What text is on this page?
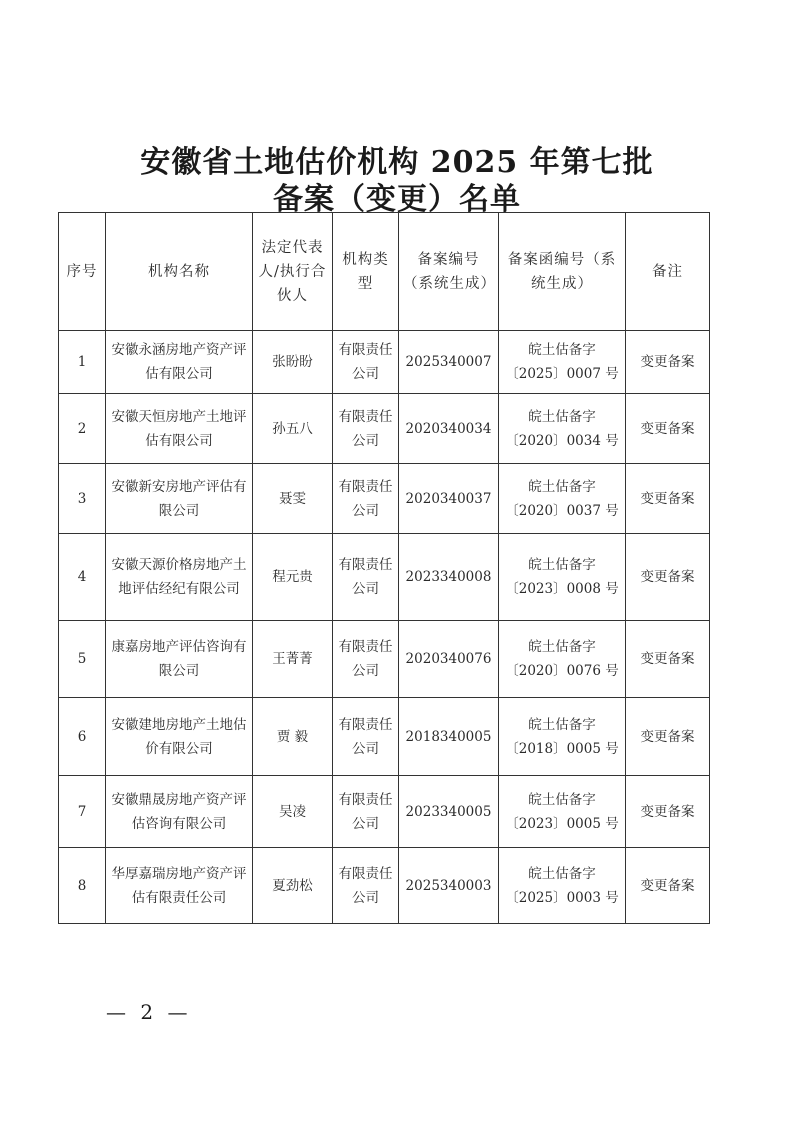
安徽省土地估价机构 2025 年第七批
备案（变更）名单
序号	机构名称	法定代表人/执行合伙人	机构类型	备案编号（系统生成）	备案函编号（系统生成）	备注
1	安徽永涵房地产资产评估有限公司	张盼盼	有限责任公司	2025340007	皖土估备字〔2025〕0007 号	变更备案
2	安徽天恒房地产土地评估有限公司	孙五八	有限责任公司	2020340034	皖土估备字〔2020〕0034 号	变更备案
3	安徽新安房地产评估有限公司	聂雯	有限责任公司	2020340037	皖土估备字〔2020〕0037 号	变更备案
4	安徽天源价格房地产土地评估经纪有限公司	程元贵	有限责任公司	2023340008	皖土估备字〔2023〕0008 号	变更备案
5	康嘉房地产评估咨询有限公司	王菁菁	有限责任公司	2020340076	皖土估备字〔2020〕0076 号	变更备案
6	安徽建地房地产土地估价有限公司	贾 毅	有限责任公司	2018340005	皖土估备字〔2018〕0005 号	变更备案
7	安徽鼎晟房地产资产评估咨询有限公司	吴凌	有限责任公司	2023340005	皖土估备字〔2023〕0005 号	变更备案
8	华厚嘉瑞房地产资产评估有限责任公司	夏劲松	有限责任公司	2025340003	皖土估备字〔2025〕0003 号	变更备案
— 2 —
